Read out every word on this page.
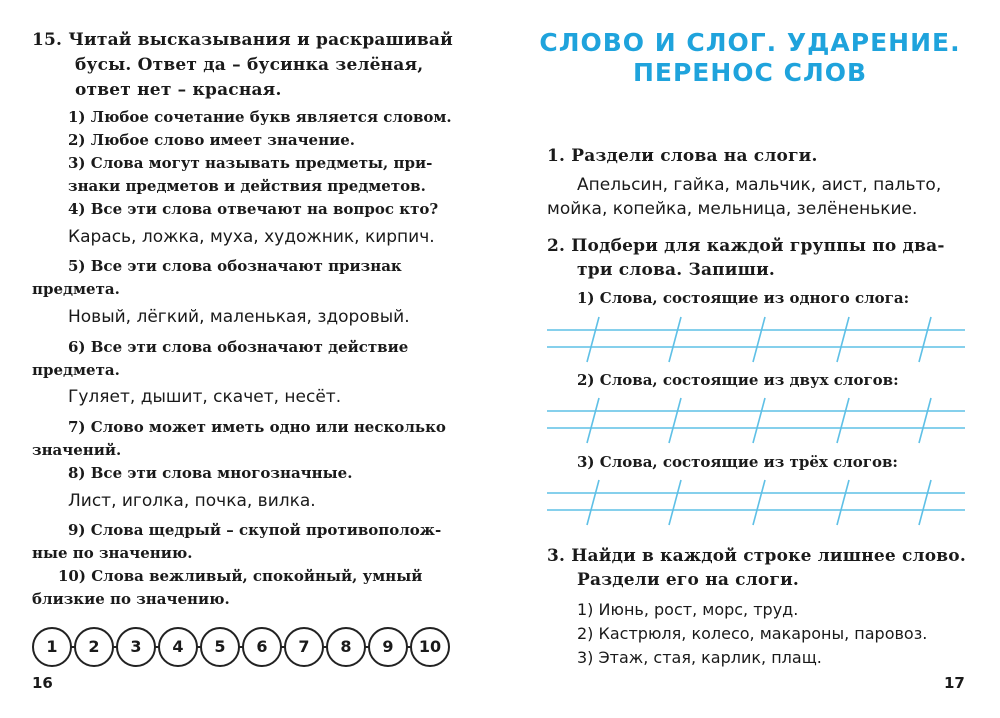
15. Читай высказывания и раскрашивай
бусы. Ответ да – бусинка зелёная,
ответ нет – красная.
1) Любое сочетание букв является словом.
2) Любое слово имеет значение.
3) Слова могут называть предметы, при-
знаки предметов и действия предметов.
4) Все эти слова отвечают на вопрос кто?
Карась, ложка, муха, художник, кирпич.
5) Все эти слова обозначают признак
предмета.
Новый, лёгкий, маленькая, здоровый.
6) Все эти слова обозначают действие
предмета.
Гуляет, дышит, скачет, несёт.
7) Слово может иметь одно или несколько
значений.
8) Все эти слова многозначные.
Лист, иголка, почка, вилка.
9) Слова щедрый – скупой противополож-
ные по значению.
10) Слова вежливый, спокойный, умный
близкие по значению.
1	2	3	4	5	6	7	8	9	10
16
СЛОВО И СЛОГ. УДАРЕНИЕ.
ПЕРЕНОС СЛОВ
1. Раздели слова на слоги.
Апельсин, гайка, мальчик, аист, пальто,
мойка, копейка, мельница, зелёненькие.
2. Подбери для каждой группы по два-
три слова. Запиши.
1) Слова, состоящие из одного слога:
2) Слова, состоящие из двух слогов:
3) Слова, состоящие из трёх слогов:
3. Найди в каждой строке лишнее слово.
Раздели его на слоги.
1) Июнь, рост, морс, труд.
2) Кастрюля, колесо, макароны, паровоз.
3) Этаж, стая, карлик, плащ.
17
